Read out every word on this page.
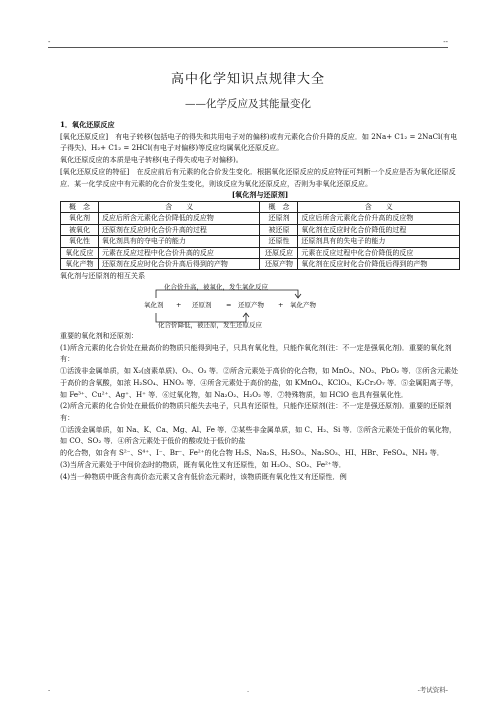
-	--
高中化学知识点规律大全
——化学反应及其能量变化

1．氧化还原反应

[氧化还原反应]　有电子转移(包括电子的得失和共用电子对的偏移)或有元素化合价升降的反应．如 2Na+ C1₂ = 2NaCl(有电子得失)、H₂+ C1₂ = 2HCl(有电子对偏移)等反应均属氧化还原反应。

氧化还原反应的本质是电子转移(电子得失或电子对偏移)。

[氧化还原反应的特征]　在反应前后有元素的化合价发生变化．根据氧化还原反应的反应特征可判断一个反应是否为氧化还原反应．某一化学反应中有元素的化合价发生变化，则该反应为氧化还原反应，否则为非氧化还原反应。

[氧化剂与还原剂]

概　念	含　　义	概　念	含　　义
氧化剂	反应后所含元素化合价降低的反应物	还原剂	反应后所含元素化合价升高的反应物
被氧化	还原剂在反应时化合价升高的过程	被还原	氧化剂在反应时化合价降低的过程
氧化性	氧化剂具有的夺电子的能力	还原性	还原剂具有的失电子的能力
氧化反应	元素在反应过程中化合价升高的反应	还原反应	元素在反应过程中化合价降低的反应
氧化产物	还原剂在反应时化合价升高后得到的产物	还原产物	氧化剂在反应时化合价降低后得到的产物

氧化剂与还原剂的相互关系

化合价升高，被氧化，发生氧化反应
氧化剂 + 还原剂 = 还原产物 + 氧化产物
化合价降低，被还原，发生还原反应

重要的氧化剂和还原剂：

(1)所含元素的化合价处在最高价的物质只能得到电子，只具有氧化性，只能作氧化剂(注：不一定是强氧化剂)．重要的氧化剂有：

①活泼非金属单质，如 X₂(卤素单质)、O₂、O₃ 等．②所含元素处于高价的化合物，如 MnO₂、NO₂、PbO₂ 等．③所含元素处于高价的含氧酸，如浓 H₂SO₄、HNO₃ 等．④所含元素处于高价的盐，如 KMnO₄、KClO₃、K₂Cr₂O₇ 等．⑤金属阳离子等，如 Fe³⁺、Cu²⁺、Ag⁺、H⁺ 等．⑥过氧化物，如 Na₂O₂、H₂O₂ 等．⑦特殊物质，如 HClO 也具有强氧化性．

(2)所含元素的化合价处在最低价的物质只能失去电子，只具有还原性，只能作还原剂(注：不一定是强还原剂)．重要的还原剂有：

①活泼金属单质，如 Na、K、Ca、Mg、Al、Fe 等．②某些非金属单质，如 C、H₂、Si 等．③所含元素处于低价的氧化物，如 CO、SO₂ 等．④所含元素处于低价的酸或处于低价的盐

的化合物，如含有 S²⁻、S⁴⁺、I⁻、Br⁻、Fe²⁺的化合物 H₂S、Na₂S、H₂SO₃、Na₂SO₃、HI、HBr、FeSO₄、NH₃ 等．

(3)当所含元素处于中间价态时的物质，既有氧化性又有还原性，如 H₂O₂、SO₂、Fe²⁺等．

(4)当一种物质中既含有高价态元素又含有低价态元素时，该物质既有氧化性又有还原性．例

-	.	-考试资料-
